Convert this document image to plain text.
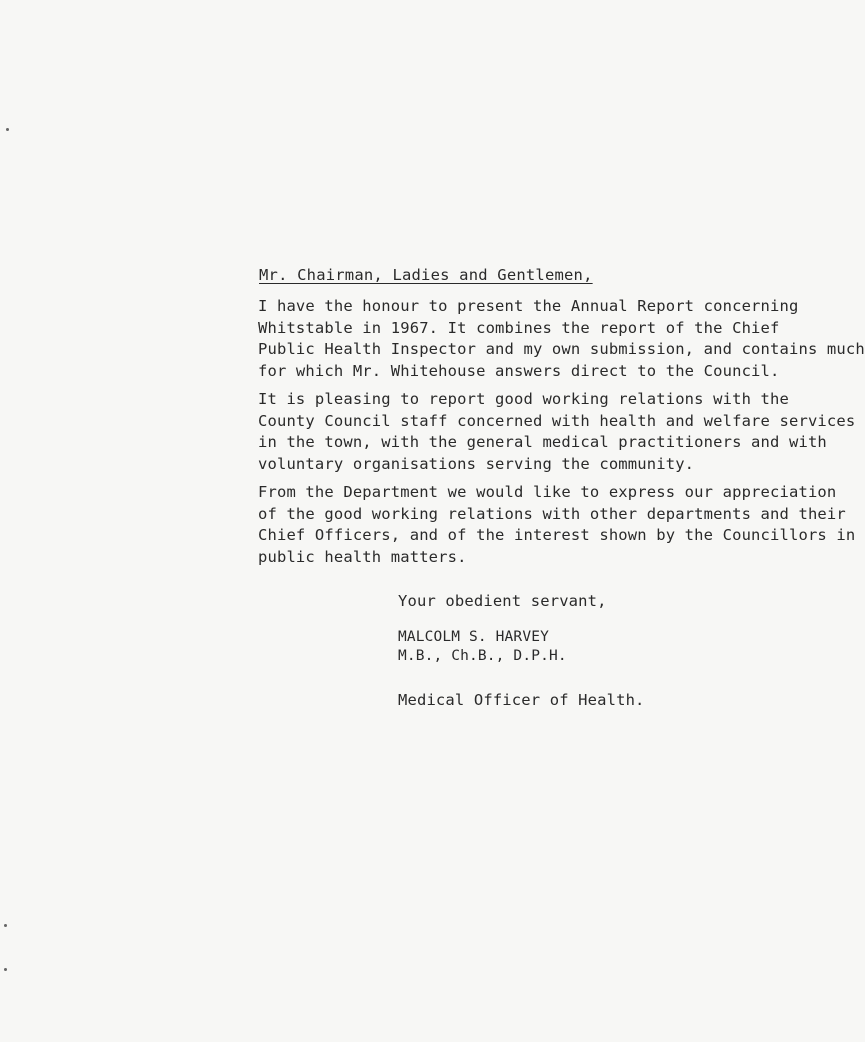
Mr. Chairman, Ladies and Gentlemen,

I have the honour to present the Annual Report concerning
Whitstable in 1967. It combines the report of the Chief
Public Health Inspector and my own submission, and contains much
for which Mr. Whitehouse answers direct to the Council.

It is pleasing to report good working relations with the
County Council staff concerned with health and welfare services
in the town, with the general medical practitioners and with
voluntary organisations serving the community.

From the Department we would like to express our appreciation
of the good working relations with other departments and their
Chief Officers, and of the interest shown by the Councillors in
public health matters.

Your obedient servant,
MALCOLM S. HARVEY
M.B., Ch.B., D.P.H.
Medical Officer of Health.
